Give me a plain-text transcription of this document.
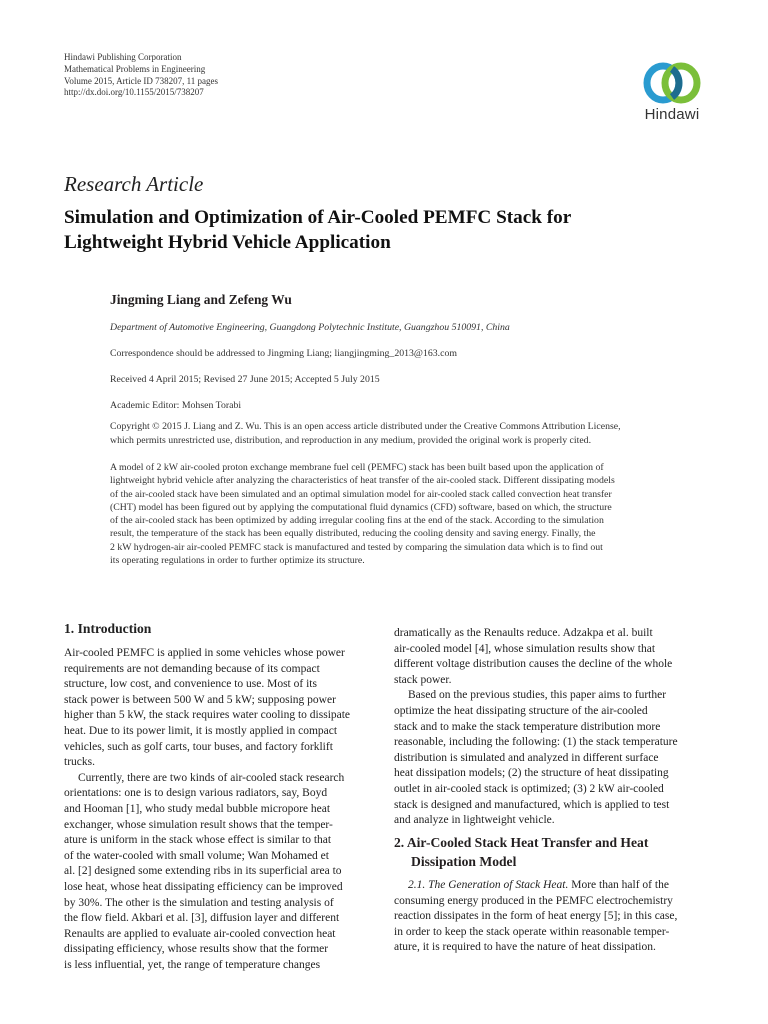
Hindawi Publishing Corporation
Mathematical Problems in Engineering
Volume 2015, Article ID 738207, 11 pages
http://dx.doi.org/10.1155/2015/738207
Hindawi
Research Article
Simulation and Optimization of Air-Cooled PEMFC Stack for
Lightweight Hybrid Vehicle Application
Jingming Liang and Zefeng Wu
Department of Automotive Engineering, Guangdong Polytechnic Institute, Guangzhou 510091, China
Correspondence should be addressed to Jingming Liang; liangjingming_2013@163.com
Received 4 April 2015; Revised 27 June 2015; Accepted 5 July 2015
Academic Editor: Mohsen Torabi
Copyright © 2015 J. Liang and Z. Wu. This is an open access article distributed under the Creative Commons Attribution License,
which permits unrestricted use, distribution, and reproduction in any medium, provided the original work is properly cited.
A model of 2 kW air-cooled proton exchange membrane fuel cell (PEMFC) stack has been built based upon the application of
lightweight hybrid vehicle after analyzing the characteristics of heat transfer of the air-cooled stack. Different dissipating models
of the air-cooled stack have been simulated and an optimal simulation model for air-cooled stack called convection heat transfer
(CHT) model has been figured out by applying the computational fluid dynamics (CFD) software, based on which, the structure
of the air-cooled stack has been optimized by adding irregular cooling fins at the end of the stack. According to the simulation
result, the temperature of the stack has been equally distributed, reducing the cooling density and saving energy. Finally, the
2 kW hydrogen-air air-cooled PEMFC stack is manufactured and tested by comparing the simulation data which is to find out
its operating regulations in order to further optimize its structure.
1. Introduction
Air-cooled PEMFC is applied in some vehicles whose power
requirements are not demanding because of its compact
structure, low cost, and convenience to use. Most of its
stack power is between 500 W and 5 kW; supposing power
higher than 5 kW, the stack requires water cooling to dissipate
heat. Due to its power limit, it is mostly applied in compact
vehicles, such as golf carts, tour buses, and factory forklift
trucks.
Currently, there are two kinds of air-cooled stack research
orientations: one is to design various radiators, say, Boyd
and Hooman [1], who study medal bubble micropore heat
exchanger, whose simulation result shows that the temper-
ature is uniform in the stack whose effect is similar to that
of the water-cooled with small volume; Wan Mohamed et
al. [2] designed some extending ribs in its superficial area to
lose heat, whose heat dissipating efficiency can be improved
by 30%. The other is the simulation and testing analysis of
the flow field. Akbari et al. [3], diffusion layer and different
Renaults are applied to evaluate air-cooled convection heat
dissipating efficiency, whose results show that the former
is less influential, yet, the range of temperature changes
dramatically as the Renaults reduce. Adzakpa et al. built
air-cooled model [4], whose simulation results show that
different voltage distribution causes the decline of the whole
stack power.
Based on the previous studies, this paper aims to further
optimize the heat dissipating structure of the air-cooled
stack and to make the stack temperature distribution more
reasonable, including the following: (1) the stack temperature
distribution is simulated and analyzed in different surface
heat dissipation models; (2) the structure of heat dissipating
outlet in air-cooled stack is optimized; (3) 2 kW air-cooled
stack is designed and manufactured, which is applied to test
and analyze in lightweight vehicle.
2. Air-Cooled Stack Heat Transfer and Heat
Dissipation Model
2.1. The Generation of Stack Heat. More than half of the
consuming energy produced in the PEMFC electrochemistry
reaction dissipates in the form of heat energy [5]; in this case,
in order to keep the stack operate within reasonable temper-
ature, it is required to have the nature of heat dissipation.
